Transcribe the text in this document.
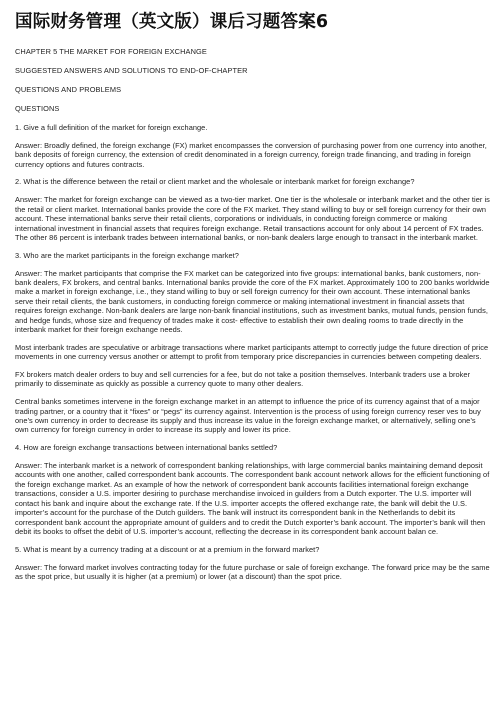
国际财务管理（英文版）课后习题答案6
CHAPTER 5 THE MARKET FOR FOREIGN EXCHANGE
SUGGESTED ANSWERS AND SOLUTIONS TO END-OF-CHAPTER
QUESTIONS AND PROBLEMS
QUESTIONS

1. Give a full definition of the market for foreign exchange.

Answer: Broadly defined, the foreign exchange (FX) market encompasses the conversion of purchasing power from one currency into another, bank deposits of foreign currency, the extension of credit denominated in a foreign currency, foreign trade financing, and trading in foreign currency options and futures contracts.

2. What is the difference between the retail or client market and the wholesale or interbank market for foreign exchange?

Answer: The market for foreign exchange can be viewed as a two-tier market. One tier is the wholesale or interbank market and the other tier is the retail or client market. International banks provide the core of the FX market. They stand willing to buy or sell foreign currency for their own account. These international banks serve their retail clients, corporations or individuals, in conducting foreign commerce or making international investment in financial assets that requires foreign exchange. Retail transactions account for only about 14 percent of FX trades. The other 86 percent is interbank trades between international banks, or non-bank dealers large enough to transact in the interbank market.

3. Who are the market participants in the foreign exchange market?

Answer: The market participants that comprise the FX market can be categorized into five groups: international banks, bank customers, non-bank dealers, FX brokers, and central banks. International banks provide the core of the FX market. Approximately 100 to 200 banks worldwide make a market in foreign exchange, i.e., they stand willing to buy or sell foreign currency for their own account. These international banks serve their retail clients, the bank customers, in conducting foreign commerce or making international investment in financial assets that requires foreign exchange. Non-bank dealers are large non-bank financial institutions, such as investment banks, mutual funds, pension funds, and hedge funds, whose size and frequency of trades make it cost- effective to establish their own dealing rooms to trade directly in the interbank market for their foreign exchange needs.

Most interbank trades are speculative or arbitrage transactions where market participants attempt to correctly judge the future direction of price movements in one currency versus another or attempt to profit from temporary price discrepancies in currencies between competing dealers.

FX brokers match dealer orders to buy and sell currencies for a fee, but do not take a position themselves. Interbank traders use a broker primarily to disseminate as quickly as possible a currency quote to many other dealers.

Central banks sometimes intervene in the foreign exchange market in an attempt to influence the price of its currency against that of a major trading partner, or a country that it “fixes” or “pegs” its currency against. Intervention is the process of using foreign currency reser ves to buy one’s own currency in order to decrease its supply and thus increase its value in the foreign exchange market, or alternatively, selling one’s own currency for foreign currency in order to increase its supply and lower its price.

4. How are foreign exchange transactions between international banks settled?

Answer: The interbank market is a network of correspondent banking relationships, with large commercial banks maintaining demand deposit accounts with one another, called correspondent bank accounts. The correspondent bank account network allows for the efficient functioning of the foreign exchange market. As an example of how the network of correspondent bank accounts facilities international foreign exchange transactions, consider a U.S. importer desiring to purchase merchandise invoiced in guilders from a Dutch exporter. The U.S. importer will contact his bank and inquire about the exchange rate. If the U.S. importer accepts the offered exchange rate, the bank will debit the U.S. importer’s account for the purchase of the Dutch guilders. The bank will instruct its correspondent bank in the Netherlands to debit its correspondent bank account the appropriate amount of guilders and to credit the Dutch exporter’s bank account. The importer’s bank will then debit its books to offset the debit of U.S. importer’s account, reflecting the decrease in its correspondent bank account balan ce.

5. What is meant by a currency trading at a discount or at a premium in the forward market?

Answer: The forward market involves contracting today for the future purchase or sale of foreign exchange. The forward price may be the same as the spot price, but usually it is higher (at a premium) or lower (at a discount) than the spot price.
